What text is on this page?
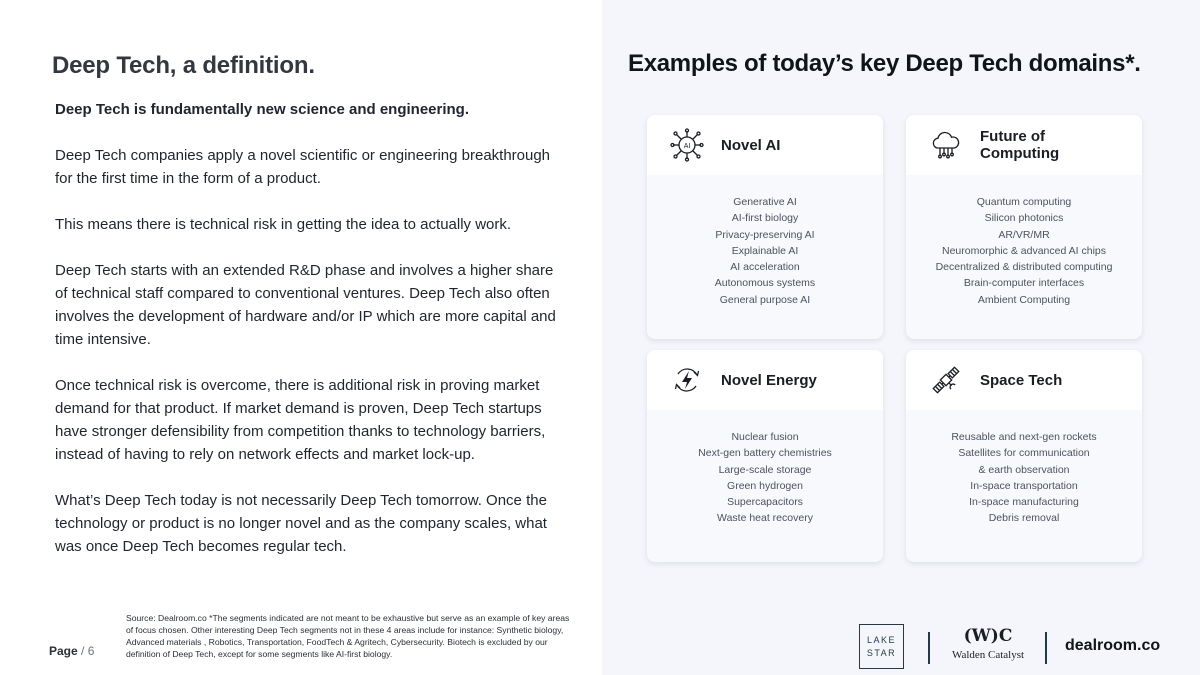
Deep Tech, a definition.

Deep Tech is fundamentally new science and engineering.

Deep Tech companies apply a novel scientific or engineering breakthrough for the first time in the form of a product.

This means there is technical risk in getting the idea to actually work.

Deep Tech starts with an extended R&D phase and involves a higher share of technical staff compared to conventional ventures. Deep Tech also often involves the development of hardware and/or IP which are more capital and time intensive.

Once technical risk is overcome, there is additional risk in proving market demand for that product. If market demand is proven, Deep Tech startups have stronger defensibility from competition thanks to technology barriers, instead of having to rely on network effects and market lock-up.

What’s Deep Tech today is not necessarily Deep Tech tomorrow. Once the technology or product is no longer novel and as the company scales, what was once Deep Tech becomes regular tech.

Source: Dealroom.co *The segments indicated are not meant to be exhaustive but serve as an example of key areas of focus chosen. Other interesting Deep Tech segments not in these 4 areas include for instance: Synthetic biology, Advanced materials , Robotics, Transportation, FoodTech & Agritech, Cybersecurity. Biotech is excluded by our definition of Deep Tech, except for some segments like AI-first biology.
Page / 6
Examples of today’s key Deep Tech domains*.
AI Novel AI
Generative AI
AI-first biology
Privacy-preserving AI
Explainable AI
AI acceleration
Autonomous systems
General purpose AI
Future of Computing
Quantum computing
Silicon photonics
AR/VR/MR
Neuromorphic & advanced AI chips
Decentralized & distributed computing
Brain-computer interfaces
Ambient Computing
Novel Energy
Nuclear fusion
Next-gen battery chemistries
Large-scale storage
Green hydrogen
Supercapacitors
Waste heat recovery
Space Tech
Reusable and next-gen rockets
Satellites for communication
& earth observation
In-space transportation
In-space manufacturing
Debris removal
LAKE
STAR
(W)C
Walden Catalyst
dealroom.co
